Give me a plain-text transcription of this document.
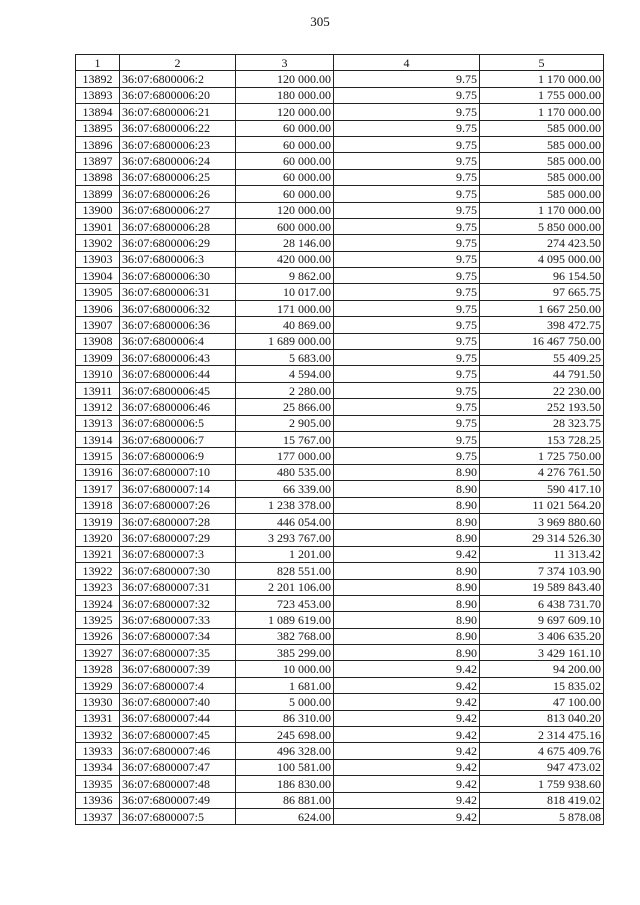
305
1	2	3	4	5
13892	36:07:6800006:2	120 000.00	9.75	1 170 000.00
13893	36:07:6800006:20	180 000.00	9.75	1 755 000.00
13894	36:07:6800006:21	120 000.00	9.75	1 170 000.00
13895	36:07:6800006:22	60 000.00	9.75	585 000.00
13896	36:07:6800006:23	60 000.00	9.75	585 000.00
13897	36:07:6800006:24	60 000.00	9.75	585 000.00
13898	36:07:6800006:25	60 000.00	9.75	585 000.00
13899	36:07:6800006:26	60 000.00	9.75	585 000.00
13900	36:07:6800006:27	120 000.00	9.75	1 170 000.00
13901	36:07:6800006:28	600 000.00	9.75	5 850 000.00
13902	36:07:6800006:29	28 146.00	9.75	274 423.50
13903	36:07:6800006:3	420 000.00	9.75	4 095 000.00
13904	36:07:6800006:30	9 862.00	9.75	96 154.50
13905	36:07:6800006:31	10 017.00	9.75	97 665.75
13906	36:07:6800006:32	171 000.00	9.75	1 667 250.00
13907	36:07:6800006:36	40 869.00	9.75	398 472.75
13908	36:07:6800006:4	1 689 000.00	9.75	16 467 750.00
13909	36:07:6800006:43	5 683.00	9.75	55 409.25
13910	36:07:6800006:44	4 594.00	9.75	44 791.50
13911	36:07:6800006:45	2 280.00	9.75	22 230.00
13912	36:07:6800006:46	25 866.00	9.75	252 193.50
13913	36:07:6800006:5	2 905.00	9.75	28 323.75
13914	36:07:6800006:7	15 767.00	9.75	153 728.25
13915	36:07:6800006:9	177 000.00	9.75	1 725 750.00
13916	36:07:6800007:10	480 535.00	8.90	4 276 761.50
13917	36:07:6800007:14	66 339.00	8.90	590 417.10
13918	36:07:6800007:26	1 238 378.00	8.90	11 021 564.20
13919	36:07:6800007:28	446 054.00	8.90	3 969 880.60
13920	36:07:6800007:29	3 293 767.00	8.90	29 314 526.30
13921	36:07:6800007:3	1 201.00	9.42	11 313.42
13922	36:07:6800007:30	828 551.00	8.90	7 374 103.90
13923	36:07:6800007:31	2 201 106.00	8.90	19 589 843.40
13924	36:07:6800007:32	723 453.00	8.90	6 438 731.70
13925	36:07:6800007:33	1 089 619.00	8.90	9 697 609.10
13926	36:07:6800007:34	382 768.00	8.90	3 406 635.20
13927	36:07:6800007:35	385 299.00	8.90	3 429 161.10
13928	36:07:6800007:39	10 000.00	9.42	94 200.00
13929	36:07:6800007:4	1 681.00	9.42	15 835.02
13930	36:07:6800007:40	5 000.00	9.42	47 100.00
13931	36:07:6800007:44	86 310.00	9.42	813 040.20
13932	36:07:6800007:45	245 698.00	9.42	2 314 475.16
13933	36:07:6800007:46	496 328.00	9.42	4 675 409.76
13934	36:07:6800007:47	100 581.00	9.42	947 473.02
13935	36:07:6800007:48	186 830.00	9.42	1 759 938.60
13936	36:07:6800007:49	86 881.00	9.42	818 419.02
13937	36:07:6800007:5	624.00	9.42	5 878.08
